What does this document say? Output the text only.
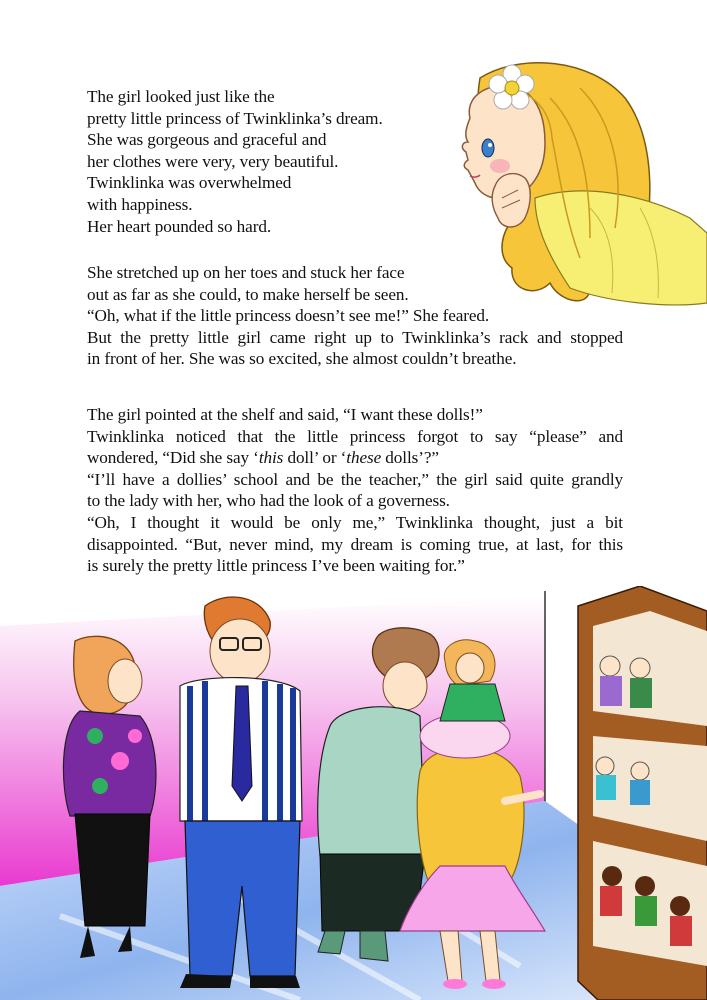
The girl looked just like the
pretty little princess of Twinklinka’s dream.
She was gorgeous and graceful and
her clothes were very, very beautiful.
Twinklinka was overwhelmed
with happiness.
Her heart pounded so hard.
She stretched up on her toes and stuck her face
out as far as she could, to make herself be seen.
“Oh, what if the little princess doesn’t see me!” She feared.
But the pretty little girl came right up to Twinklinka’s rack and stopped
in front of her. She was so excited, she almost couldn’t breathe.
The girl pointed at the shelf and said, “I want these dolls!”
Twinklinka noticed that the little princess forgot to say “please” and
wondered, “Did she say ‘this doll’ or ‘these dolls’?”
“I’ll have a dollies’ school and be the teacher,” the girl said quite grandly
to the lady with her, who had the look of a governess.
“Oh, I thought it would be only me,” Twinklinka thought, just a bit
disappointed. “But, never mind, my dream is coming true, at last, for this
is surely the pretty little princess I’ve been waiting for.”
